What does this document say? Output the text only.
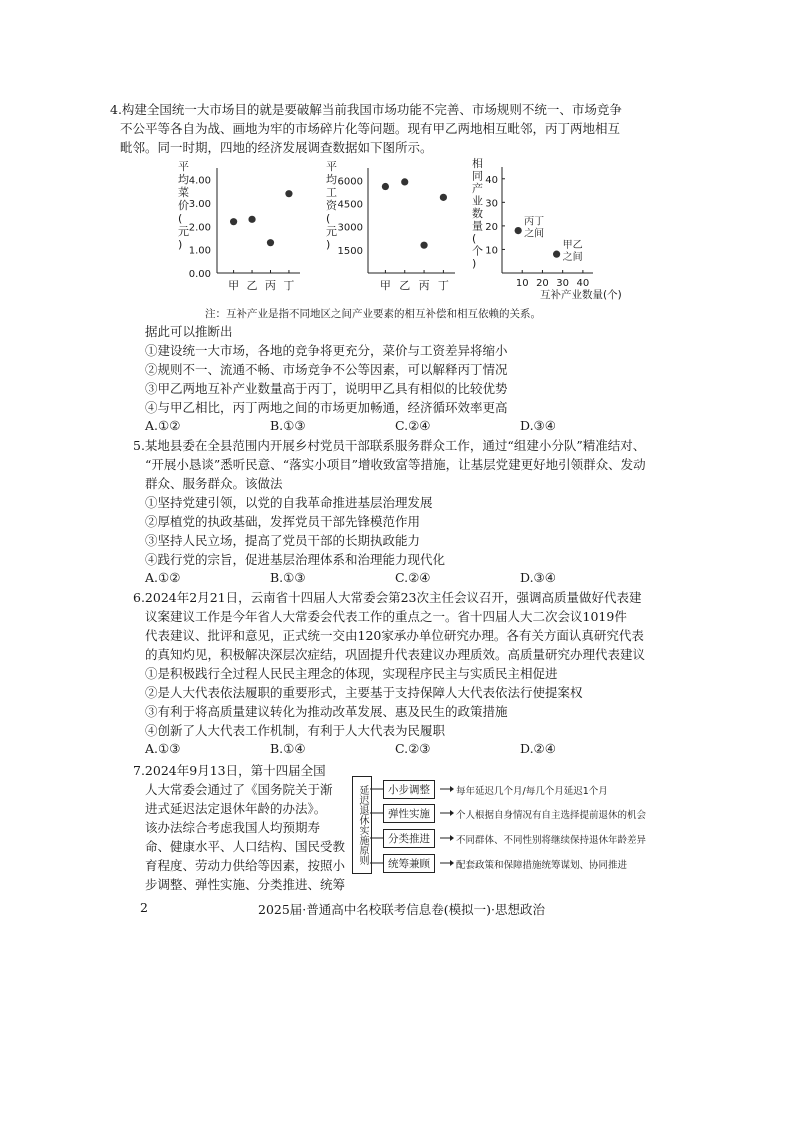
4.构建全国统一大市场目的就是要破解当前我国市场功能不完善、市场规则不统一、市场竞争
不公平等各自为战、画地为牢的市场碎片化等问题。现有甲乙两地相互毗邻，丙丁两地相互
毗邻。同一时期，四地的经济发展调查数据如下图所示。
平
均
菜
价
(
元
)
0.00
1.00
2.00
3.00
4.00
甲 乙 丙 丁
平
均
工
资
(
元
)
1500
3000
4500
6000
甲 乙 丙 丁
相
同
产
业
数
量
(
个
)
10
20
30
40
10 20 30 40
丙丁
之间
甲乙
之间
互补产业数量(个)
注：互补产业是指不同地区之间产业要素的相互补偿和相互依赖的关系。
据此可以推断出
①建设统一大市场，各地的竞争将更充分，菜价与工资差异将缩小
②规则不一、流通不畅、市场竞争不公等因素，可以解释丙丁情况
③甲乙两地互补产业数量高于丙丁，说明甲乙具有相似的比较优势
④与甲乙相比，丙丁两地之间的市场更加畅通，经济循环效率更高
A.①②	B.①③	C.②④	D.③④
5.某地县委在全县范围内开展乡村党员干部联系服务群众工作，通过“组建小分队”精准结对、
“开展小恳谈”悉听民意、“落实小项目”增收致富等措施，让基层党建更好地引领群众、发动
群众、服务群众。该做法
①坚持党建引领，以党的自我革命推进基层治理发展
②厚植党的执政基础，发挥党员干部先锋模范作用
③坚持人民立场，提高了党员干部的长期执政能力
④践行党的宗旨，促进基层治理体系和治理能力现代化
A.①②	B.①③	C.②④	D.③④
6.2024年2月21日，云南省十四届人大常委会第23次主任会议召开，强调高质量做好代表建
议案建议工作是今年省人大常委会代表工作的重点之一。省十四届人大二次会议1019件
代表建议、批评和意见，正式统一交由120家承办单位研究办理。各有关方面认真研究代表
的真知灼见，积极解决深层次症结，巩固提升代表建议办理质效。高质量研究办理代表建议
①是积极践行全过程人民民主理念的体现，实现程序民主与实质民主相促进
②是人大代表依法履职的重要形式，主要基于支持保障人大代表依法行使提案权
③有利于将高质量建议转化为推动改革发展、惠及民生的政策措施
④创新了人大代表工作机制，有利于人大代表为民履职
A.①③	B.①④	C.②③	D.②④
7.2024年9月13日，第十四届全国
人大常委会通过了《国务院关于渐
进式延迟法定退休年龄的办法》。
该办法综合考虑我国人均预期寿
命、健康水平、人口结构、国民受教
育程度、劳动力供给等因素，按照小
步调整、弹性实施、分类推进、统筹
延迟退休实施原则	小步调整	每年延迟几个月/每几个月延迟1个月
弹性实施	个人根据自身情况有自主选择提前退休的机会
分类推进	不同群体、不同性别将继续保持退休年龄差异
统筹兼顾	配套政策和保障措施统筹谋划、协同推进
2	2025届·普通高中名校联考信息卷(模拟一)·思想政治
